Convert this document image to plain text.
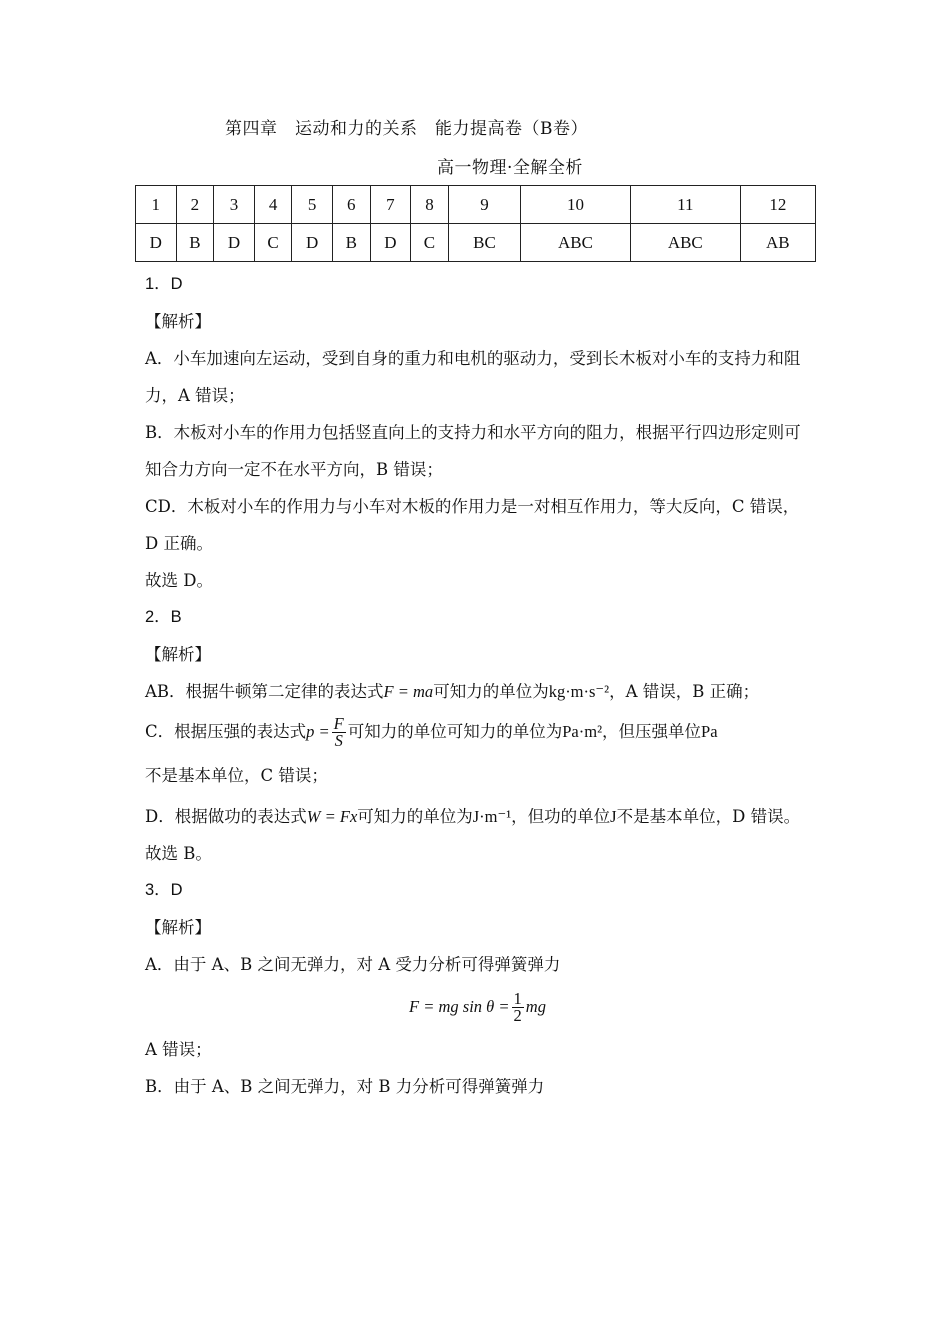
第四章　运动和力的关系　能力提高卷（B卷）
高一物理·全解全析
1	2	3	4	5	6	7	8	9	10	11	12
D	B	D	C	D	B	D	C	BC	ABC	ABC	AB

1．D

【解析】

A．小车加速向左运动，受到自身的重力和电机的驱动力，受到长木板对小车的支持力和阻力，A 错误；

B．木板对小车的作用力包括竖直向上的支持力和水平方向的阻力，根据平行四边形定则可知合力方向一定不在水平方向，B 错误；

CD．木板对小车的作用力与小车对木板的作用力是一对相互作用力，等大反向，C 错误，D 正确。

故选 D。

2．B

【解析】

AB．根据牛顿第二定律的表达式F = ma可知力的单位为kg·m·s⁻²，A 错误，B 正确；

C．根据压强的表达式$p = \frac{F}{S}$ 可知力的单位可知力的单位为Pa·m²，但压强单位Pa
不是基本单位，C 错误；

D．根据做功的表达式W = Fx可知力的单位为J·m⁻¹，但功的单位J不是基本单位，D 错误。

故选 B。

3．D

【解析】

A．由于 A、B 之间无弹力，对 A 受力分析可得弹簧弹力

F = mg $\sin \theta = \frac{1}{2}$ mg

A 错误；

B．由于 A、B 之间无弹力，对 B 力分析可得弹簧弹力
